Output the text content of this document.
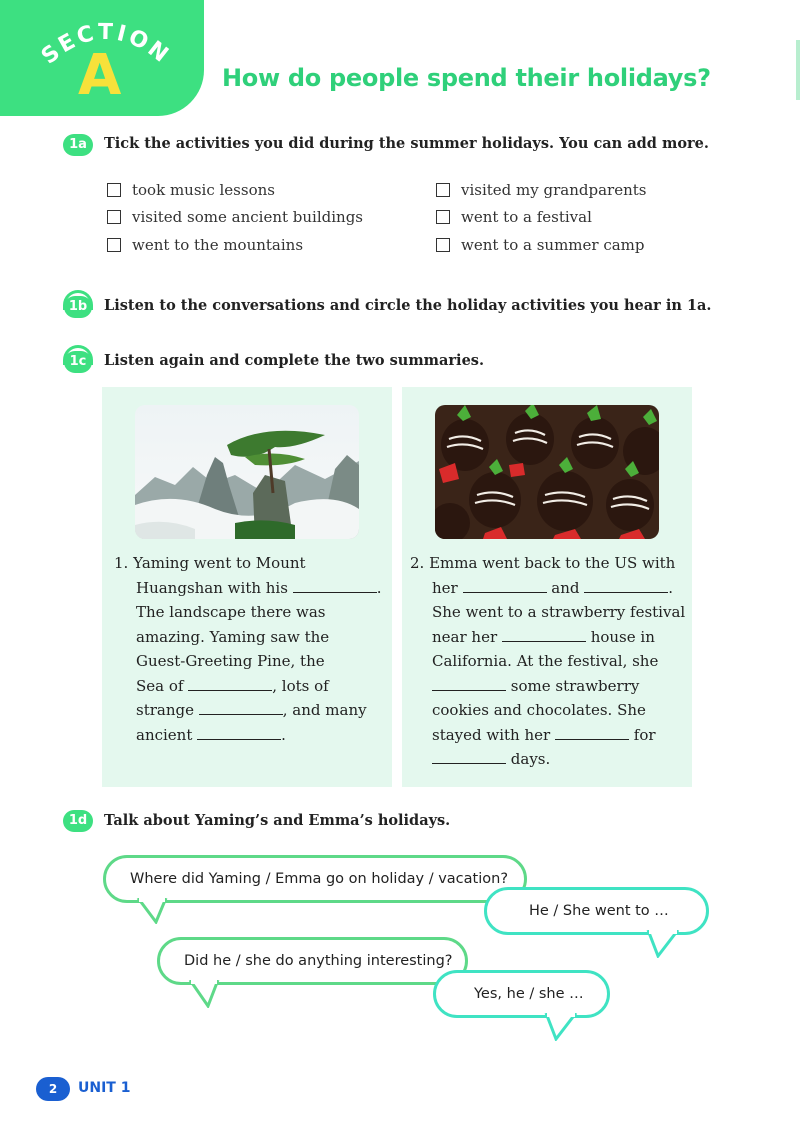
SECTION
A	How do people spend their holidays?
1a	Tick the activities you did during the summer holidays. You can add more.
took music lessons
visited some ancient buildings
went to the mountains
visited my grandparents
went to a festival
went to a summer camp
1b	Listen to the conversations and circle the holiday activities you hear in 1a.
1c	Listen again and complete the two summaries.
1. Yaming went to Mount
Huangshan with his	.
The landscape there was
amazing. Yaming saw the
Guest-Greeting Pine, the
Sea of	, lots of
strange	, and many
ancient	.
2. Emma went back to the US with
her	and	.
She went to a strawberry festival
near her	house in
California. At the festival, she
some strawberry
cookies and chocolates. She
stayed with her	for
days.
1d	Talk about Yaming’s and Emma’s holidays.
Where did Yaming / Emma go on holiday / vacation?
He / She went to …
Did he / she do anything interesting?
Yes, he / she …
2	UNIT 1
